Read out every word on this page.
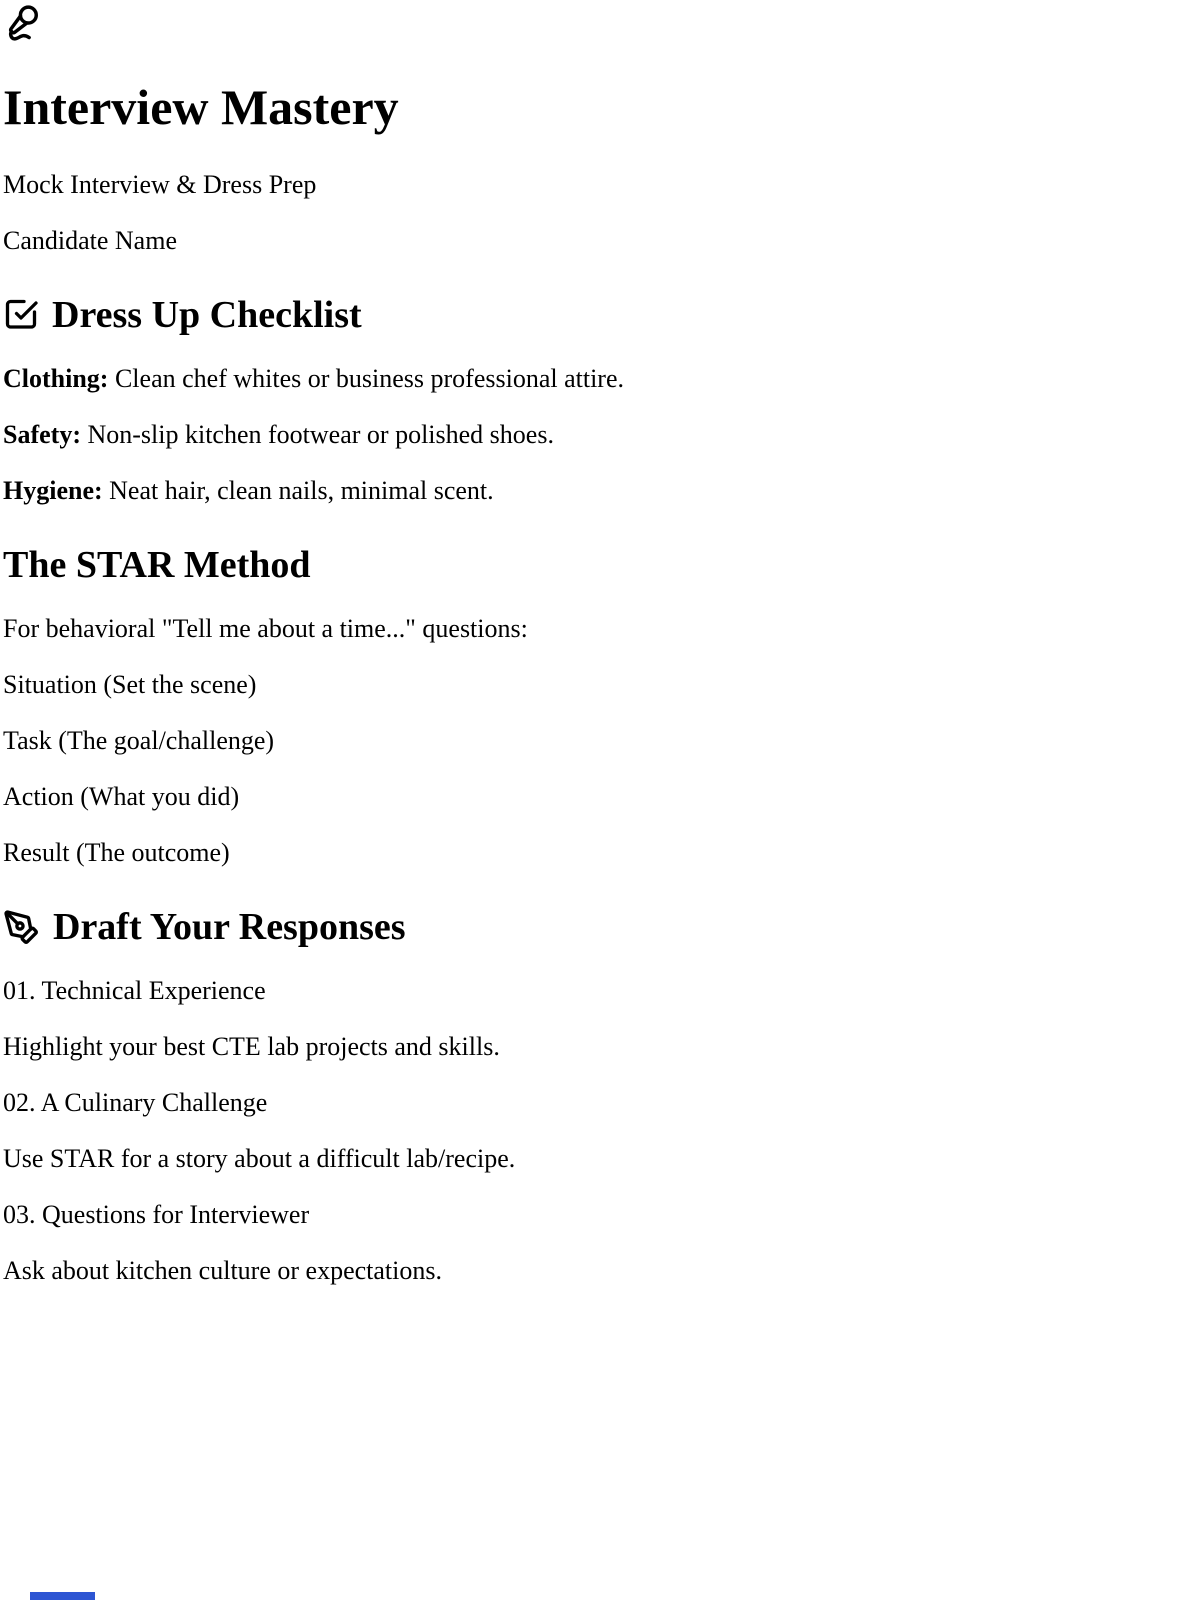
Interview Mastery

Mock Interview & Dress Prep

Candidate Name

Dress Up Checklist

Clothing: Clean chef whites or business professional attire.

Safety: Non-slip kitchen footwear or polished shoes.

Hygiene: Neat hair, clean nails, minimal scent.

The STAR Method

For behavioral "Tell me about a time..." questions:

Situation (Set the scene)

Task (The goal/challenge)

Action (What you did)

Result (The outcome)

Draft Your Responses

01. Technical Experience

Highlight your best CTE lab projects and skills.

02. A Culinary Challenge

Use STAR for a story about a difficult lab/recipe.

03. Questions for Interviewer

Ask about kitchen culture or expectations.
